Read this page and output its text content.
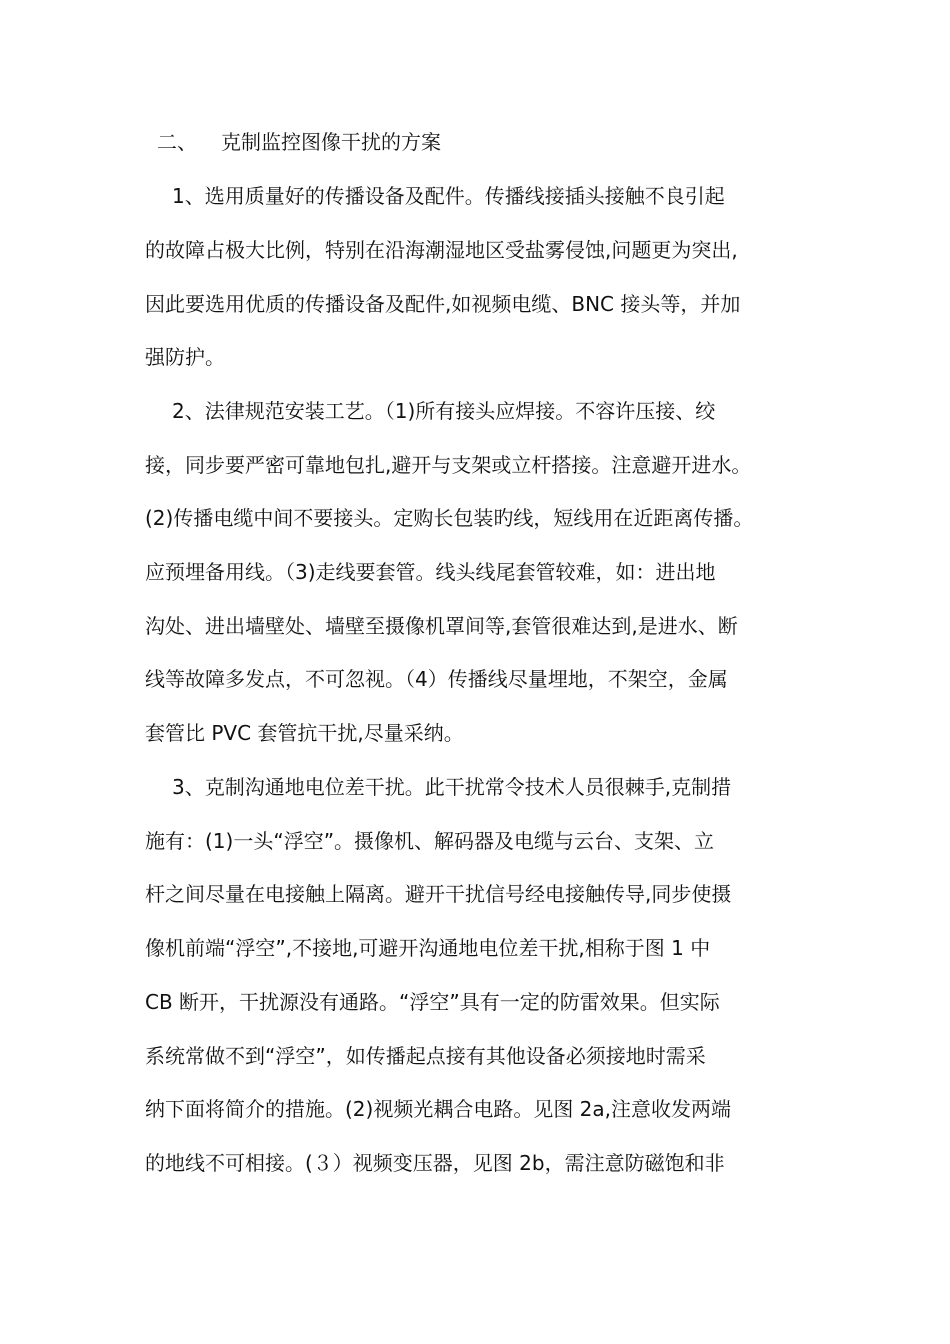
二、 克制监控图像干扰的方案
1、选用质量好的传播设备及配件。传播线接插头接触不良引起
的故障占极大比例，特别在沿海潮湿地区受盐雾侵蚀,问题更为突出,
因此要选用优质的传播设备及配件,如视频电缆、BNC 接头等，并加
强防护。
2、法律规范安装工艺。（1)所有接头应焊接。不容许压接、绞
接，同步要严密可靠地包扎,避开与支架或立杆搭接。注意避开进水。
(2)传播电缆中间不要接头。定购长包装旳线，短线用在近距离传播。
应预埋备用线。（3)走线要套管。线头线尾套管较难，如：进出地
沟处、进出墙壁处、墙壁至摄像机罩间等,套管很难达到,是进水、断
线等故障多发点，不可忽视。（4）传播线尽量埋地，不架空，金属
套管比 PVC 套管抗干扰,尽量采纳。
3、克制沟通地电位差干扰。此干扰常令技术人员很棘手,克制措
施有：(1)一头“浮空”。摄像机、解码器及电缆与云台、支架、立
杆之间尽量在电接触上隔离。避开干扰信号经电接触传导,同步使摄
像机前端“浮空”,不接地,可避开沟通地电位差干扰,相称于图 1 中
CB 断开，干扰源没有通路。“浮空”具有一定的防雷效果。但实际
系统常做不到“浮空”，如传播起点接有其他设备必须接地时需采
纳下面将简介的措施。(2)视频光耦合电路。见图 2a,注意收发两端
的地线不可相接。(３）视频变压器，见图 2b，需注意防磁饱和非
